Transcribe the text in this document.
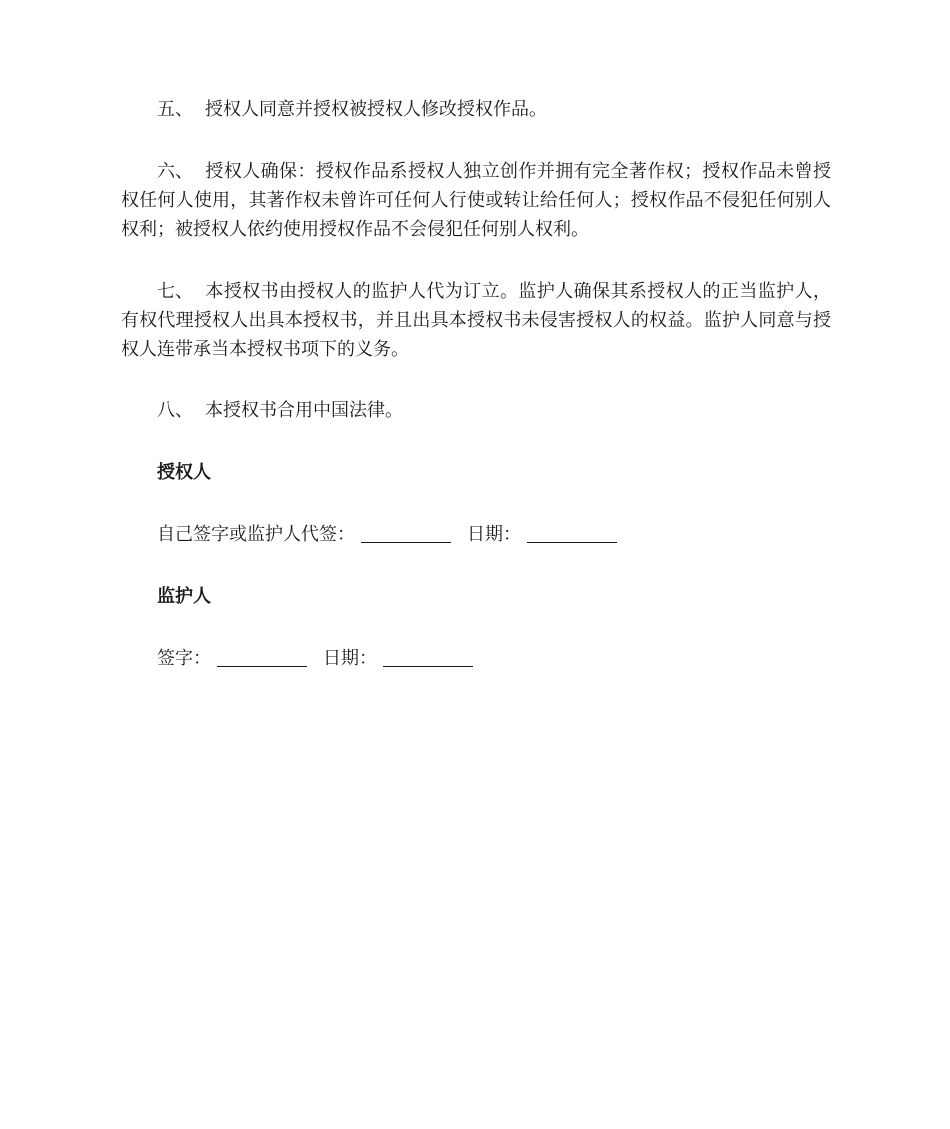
五、 授权人同意并授权被授权人修改授权作品。

六、 授权人确保：授权作品系授权人独立创作并拥有完全著作权；授权作品未曾授权任何人使用，其著作权未曾许可任何人行使或转让给任何人；授权作品不侵犯任何别人权利；被授权人依约使用授权作品不会侵犯任何别人权利。

七、 本授权书由授权人的监护人代为订立。监护人确保其系授权人的正当监护人，有权代理授权人出具本授权书，并且出具本授权书未侵害授权人的权益。监护人同意与授权人连带承当本授权书项下的义务。

八、 本授权书合用中国法律。

授权人

自己签字或监护人代签：	日期：

监护人

签字：	日期：
